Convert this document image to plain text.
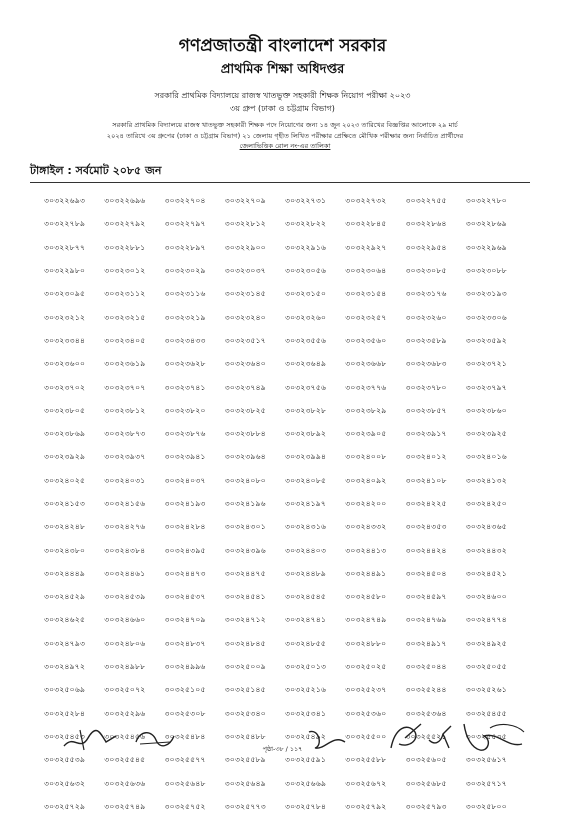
গণপ্রজাতন্ত্রী বাংলাদেশ সরকার
প্রাথমিক শিক্ষা অধিদপ্তর
সরকারি প্রাথমিক বিদ্যালয়ে রাজস্ব খাতভুক্ত সহকারী শিক্ষক নিয়োগ পরীক্ষা ২০২৩
৩য় গ্রুপ (ঢাকা ও চট্টগ্রাম বিভাগ)
সরকারি প্রাথমিক বিদ্যালয়ে রাজস্ব খাতভুক্ত সহকারী শিক্ষক পদে নিয়োগের জন্য ১৪ জুন ২০২৩ তারিখের বিজ্ঞপ্তির আলোকে ২৯ মার্চ
২০২৪ তারিখে ৩য় গ্রুপের (ঢাকা ও চট্টগ্রাম বিভাগ) ২১ জেলায় গৃহীত লিখিত পরীক্ষার প্রেক্ষিতে মৌখিক পরীক্ষার জন্য নির্বাচিত প্রার্থীদের
জেলাভিত্তিক রোল নং-এর তালিকা
টাঙ্গাইল : সর্বমোট ২০৮৫ জন
৩০৩২২৬৯৩	৩০৩২২৬৯৬	৩০৩২২৭০৪	৩০৩২২৭০৯	৩০৩২২৭৩১	৩০৩২২৭৩২	৩০৩২২৭৫৫	৩০৩২২৭৮০
৩০৩২২৭৮৯	৩০৩২২৭৯২	৩০৩২২৭৯৭	৩০৩২২৮১২	৩০৩২২৮২২	৩০৩২২৮৪৫	৩০৩২২৮৬৪	৩০৩২২৮৬৯
৩০৩২২৮৭৭	৩০৩২২৮৮১	৩০৩২২৮৯৭	৩০৩২২৯০০	৩০৩২২৯১৬	৩০৩২২৯২৭	৩০৩২২৯৫৪	৩০৩২২৯৬৯
৩০৩২২৯৮০	৩০৩২৩০১২	৩০৩২৩০২৯	৩০৩২৩০৩৭	৩০৩২৩০৫৬	৩০৩২৩০৬৪	৩০৩২৩০৮৫	৩০৩২৩০৮৮
৩০৩২৩০৯৫	৩০৩২৩১১২	৩০৩২৩১১৬	৩০৩২৩১৪৫	৩০৩২৩১৫০	৩০৩২৩১৫৪	৩০৩২৩১৭৬	৩০৩২৩১৯৩
৩০৩২৩২১২	৩০৩২৩২১৫	৩০৩২৩২১৯	৩০৩২৩২৪০	৩০৩২৩২৬০	৩০৩২৩২৫৭	৩০৩২৩২৬০	৩০৩২৩৩০৬
৩০৩২৩৩৪৪	৩০৩২৩৪০৫	৩০৩২৩৪৩৩	৩০৩২৩৫১৭	৩০৩২৩৫৫৬	৩০৩২৩৫৬০	৩০৩২৩৫৮৯	৩০৩২৩৫৯২
৩০৩২৩৬০০	৩০৩২৩৬১৯	৩০৩২৩৬২৮	৩০৩২৩৬৪০	৩০৩২৩৬৪৯	৩০৩২৩৬৬৮	৩০৩২৩৬৮৩	৩০৩২৩৭২১
৩০৩২৩৭০২	৩০৩২৩৭০৭	৩০৩২৩৭৪১	৩০৩২৩৭৪৯	৩০৩২৩৭৫৬	৩০৩২৩৭৭৬	৩০৩২৩৭৮০	৩০৩২৩৭৯৭
৩০৩২৩৮০৫	৩০৩২৩৮১২	৩০৩২৩৮২০	৩০৩২৩৮২৫	৩০৩২৩৮২৮	৩০৩২৩৮২৯	৩০৩২৩৮৫৭	৩০৩২৩৮৬০
৩০৩২৩৮৬৯	৩০৩২৩৮৭৩	৩০৩২৩৮৭৬	৩০৩২৩৮৮৪	৩০৩২৩৮৯২	৩০৩২৩৯০৫	৩০৩২৩৯১৭	৩০৩২৩৯২৫
৩০৩২৩৯২৯	৩০৩২৩৯৩৭	৩০৩২৩৯৪১	৩০৩২৩৯৬৪	৩০৩২৩৯৯৪	৩০৩২৪০০৮	৩০৩২৪০১২	৩০৩২৪০১৬
৩০৩২৪০২৫	৩০৩২৪০৩১	৩০৩২৪০৩৭	৩০৩২৪০৮০	৩০৩২৪০৮৫	৩০৩২৪০৯২	৩০৩২৪১০৮	৩০৩২৪১৩২
৩০৩২৪১৫৩	৩০৩২৪১৫৬	৩০৩২৪১৯৩	৩০৩২৪১৯৬	৩০৩২৪১৯৭	৩০৩২৪২০০	৩০৩২৪২২৫	৩০৩২৪২৫০
৩০৩২৪২৪৮	৩০৩২৪২৭৬	৩০৩২৪২৮৪	৩০৩২৪৩০১	৩০৩২৪৩১৬	৩০৩২৪৩৩২	৩০৩২৪৩৫৩	৩০৩২৪৩৬৫
৩০৩২৪৩৮০	৩০৩২৪৩৮৪	৩০৩২৪৩৯৫	৩০৩২৪৩৯৬	৩০৩২৪৪০৩	৩০৩২৪৪১৩	৩০৩২৪৪২৪	৩০৩২৪৪৩২
৩০৩২৪৪৪৯	৩০৩২৪৪৬১	৩০৩২৪৪৭৩	৩০৩২৪৪৭৫	৩০৩২৪৪৮৯	৩০৩২৪৪৯১	৩০৩২৪৫০৪	৩০৩২৪৫২১
৩০৩২৪৫২৯	৩০৩২৪৫৩৯	৩০৩২৪৫৩৭	৩০৩২৪৫৪১	৩০৩২৪৫৪৫	৩০৩২৪৫৮০	৩০৩২৪৫৯৭	৩০৩২৪৬০০
৩০৩২৪৬২৫	৩০৩২৪৬৬০	৩০৩২৪৭০৯	৩০৩২৪৭১২	৩০৩২৪৭৪১	৩০৩২৪৭৪৯	৩০৩২৪৭৬৯	৩০৩২৪৭৭৪
৩০৩২৪৭৯৩	৩০৩২৪৮০৬	৩০৩২৪৮৩৭	৩০৩২৪৮৪৫	৩০৩২৪৮৫৫	৩০৩২৪৮৮০	৩০৩২৪৯১৭	৩০৩২৪৯২৫
৩০৩২৪৯৭২	৩০৩২৪৯৮৮	৩০৩২৪৯৯৬	৩০৩২৫০০৯	৩০৩২৫০১৩	৩০৩২৫০২৫	৩০৩২৫০৪৪	৩০৩২৫০৫৫
৩০৩২৫০৬৯	৩০৩২৫০৭২	৩০৩২৫১০৫	৩০৩২৫১৪৫	৩০৩২৫২১৬	৩০৩২৫২৩৭	৩০৩২৫২৪৪	৩০৩২৫২৬১
৩০৩২৫২৮৪	৩০৩২৫২৯৬	৩০৩২৫৩০৮	৩০৩২৫৩৪০	৩০৩২৫৩৪১	৩০৩২৫৩৬০	৩০৩২৫৩৬৪	৩০৩২৫৪৫৫
৩০৩২৫৪৫৩	৩০৩২৫৪৫৬	৩০৩২৫৪৮৪	৩০৩২৫৪৮৮	৩০৩২৫৪৯২	৩০৩২৫৫০০	৩০৩২৫৫২১	৩০৩২৫৫৩৫
৩০৩২৫৫৩৯	৩০৩২৫৫৪৫	৩০৩২৫৫৭৭	৩০৩২৫৫৮৯	৩০৩২৫৫৯১	৩০৩২৫৫৮৮	৩০৩২৫৬০৫	৩০৩২৫৬১৭
৩০৩২৫৬৩২	৩০৩২৫৬৩৬	৩০৩২৫৬৪৮	৩০৩২৫৬৪৯	৩০৩২৫৬৬৯	৩০৩২৫৬৭২	৩০৩২৫৬৮৫	৩০৩২৫৭১৭
৩০৩২৫৭২৯	৩০৩২৫৭৪৯	৩০৩২৫৭৫২	৩০৩২৫৭৭৩	৩০৩২৫৭৮৪	৩০৩২৫৭৯২	৩০৩২৫৭৯৩	৩০৩২৫৮০০
পৃষ্ঠা-৩৮ / ১১৭
